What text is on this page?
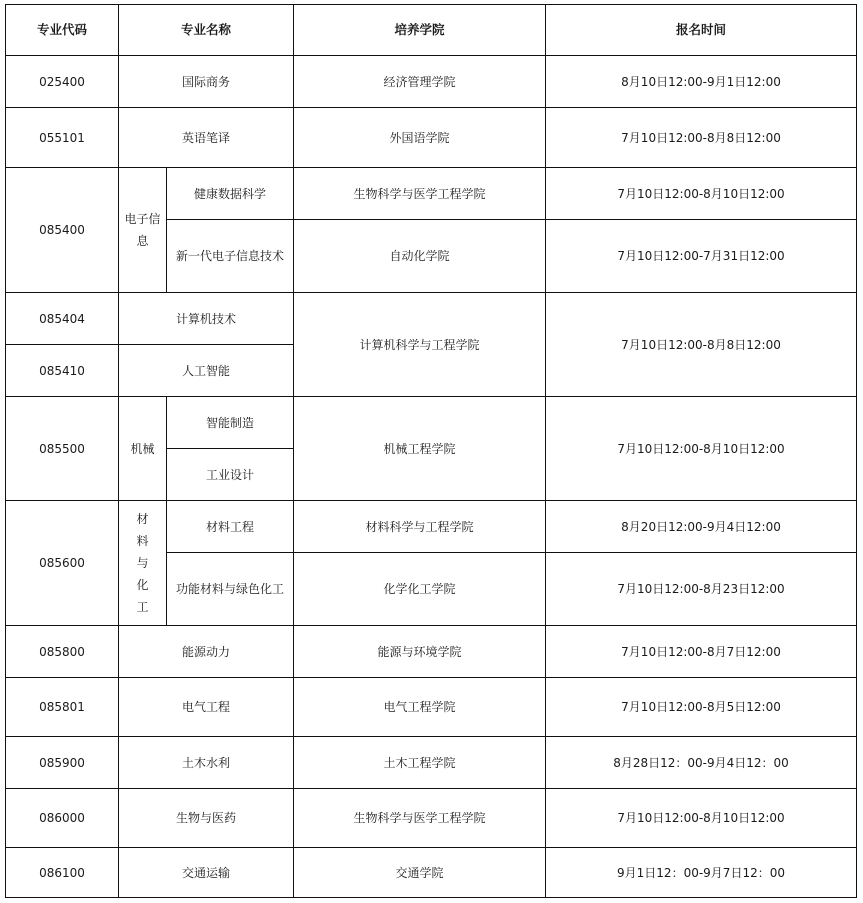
专业代码	专业名称		培养学院	报名时间
025400	国际商务		经济管理学院	8月10日12:00-9月1日12:00
055101	英语笔译		外国语学院	7月10日12:00-8月8日12:00
085400	电子信息	健康数据科学	生物科学与医学工程学院	7月10日12:00-8月10日12:00
		新一代电子信息技术	自动化学院	7月10日12:00-7月31日12:00
085404	计算机技术		计算机科学与工程学院	7月10日12:00-8月8日12:00
085410	人工智能			
085500	机械	智能制造	机械工程学院	7月10日12:00-8月10日12:00
		工业设计		
085600	材料与化工	材料工程	材料科学与工程学院	8月20日12:00-9月4日12:00
		功能材料与绿色化工	化学化工学院	7月10日12:00-8月23日12:00
085800	能源动力		能源与环境学院	7月10日12:00-8月7日12:00
085801	电气工程		电气工程学院	7月10日12:00-8月5日12:00
085900	土木水利		土木工程学院	8月28日12：00-9月4日12：00
086000	生物与医药		生物科学与医学工程学院	7月10日12:00-8月10日12:00
086100	交通运输		交通学院	9月1日12：00-9月7日12：00
